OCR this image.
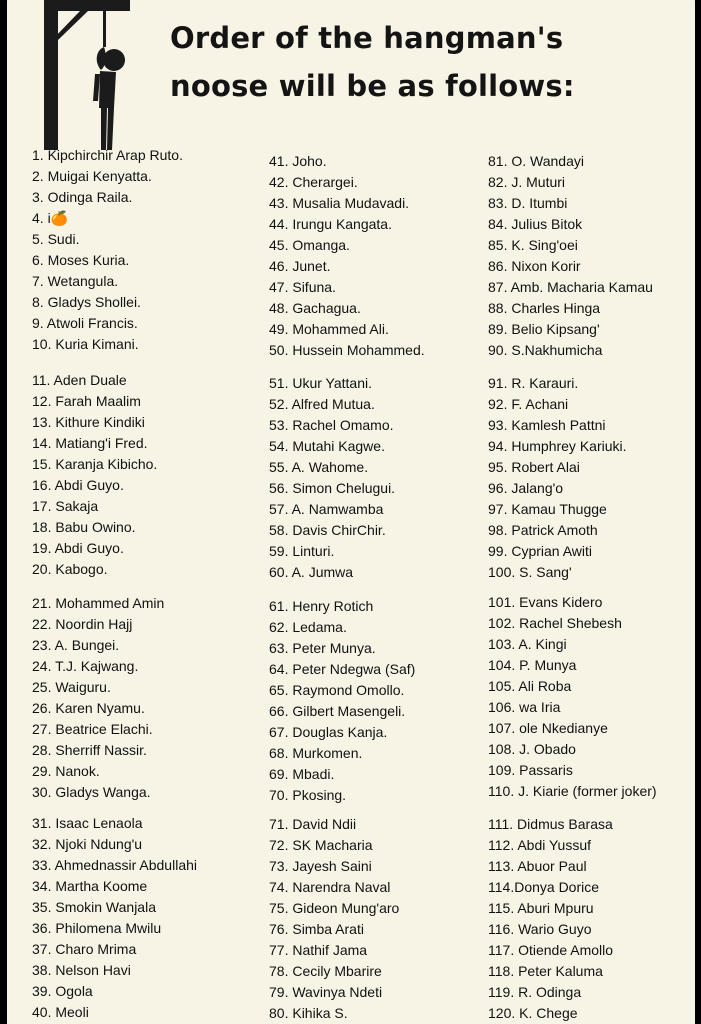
Order of the hangman's
noose will be as follows:
1. Kipchirchir Arap Ruto.
2. Muigai Kenyatta.
3. Odinga Raila.
4. i🍊
5. Sudi.
6. Moses Kuria.
7. Wetangula.
8. Gladys Shollei.
9. Atwoli Francis.
10. Kuria Kimani.
11. Aden Duale
12. Farah Maalim
13. Kithure Kindiki
14. Matiang'i Fred.
15. Karanja Kibicho.
16. Abdi Guyo.
17. Sakaja
18. Babu Owino.
19. Abdi Guyo.
20. Kabogo.
21. Mohammed Amin
22. Noordin Hajj
23. A. Bungei.
24. T.J. Kajwang.
25. Waiguru.
26. Karen Nyamu.
27. Beatrice Elachi.
28. Sherriff Nassir.
29. Nanok.
30. Gladys Wanga.
31. Isaac Lenaola
32. Njoki Ndung'u
33. Ahmednassir Abdullahi
34. Martha Koome
35. Smokin Wanjala
36. Philomena Mwilu
37. Charo Mrima
38. Nelson Havi
39. Ogola
40. Meoli
41. Joho.
42. Cherargei.
43. Musalia Mudavadi.
44. Irungu Kangata.
45. Omanga.
46. Junet.
47. Sifuna.
48. Gachagua.
49. Mohammed Ali.
50. Hussein Mohammed.
51. Ukur Yattani.
52. Alfred Mutua.
53. Rachel Omamo.
54. Mutahi Kagwe.
55. A. Wahome.
56. Simon Chelugui.
57. A. Namwamba
58. Davis ChirChir.
59. Linturi.
60. A. Jumwa
61. Henry Rotich
62. Ledama.
63. Peter Munya.
64. Peter Ndegwa (Saf)
65. Raymond Omollo.
66. Gilbert Masengeli.
67. Douglas Kanja.
68. Murkomen.
69. Mbadi.
70. Pkosing.
71. David Ndii
72. SK Macharia
73. Jayesh Saini
74. Narendra Naval
75. Gideon Mung'aro
76. Simba Arati
77. Nathif Jama
78. Cecily Mbarire
79. Wavinya Ndeti
80. Kihika S.
81. O. Wandayi
82. J. Muturi
83. D. Itumbi
84. Julius Bitok
85. K. Sing'oei
86. Nixon Korir
87. Amb. Macharia Kamau
88. Charles Hinga
89. Belio Kipsang'
90. S.Nakhumicha
91. R. Karauri.
92. F. Achani
93. Kamlesh Pattni
94. Humphrey Kariuki.
95. Robert Alai
96. Jalang'o
97. Kamau Thugge
98. Patrick Amoth
99. Cyprian Awiti
100. S. Sang'
101. Evans Kidero
102. Rachel Shebesh
103. A. Kingi
104. P. Munya
105. Ali Roba
106. wa Iria
107. ole Nkedianye
108. J. Obado
109. Passaris
110. J. Kiarie (former joker)
111. Didmus Barasa
112. Abdi Yussuf
113. Abuor Paul
114.Donya Dorice
115. Aburi Mpuru
116. Wario Guyo
117. Otiende Amollo
118. Peter Kaluma
119. R. Odinga
120. K. Chege
